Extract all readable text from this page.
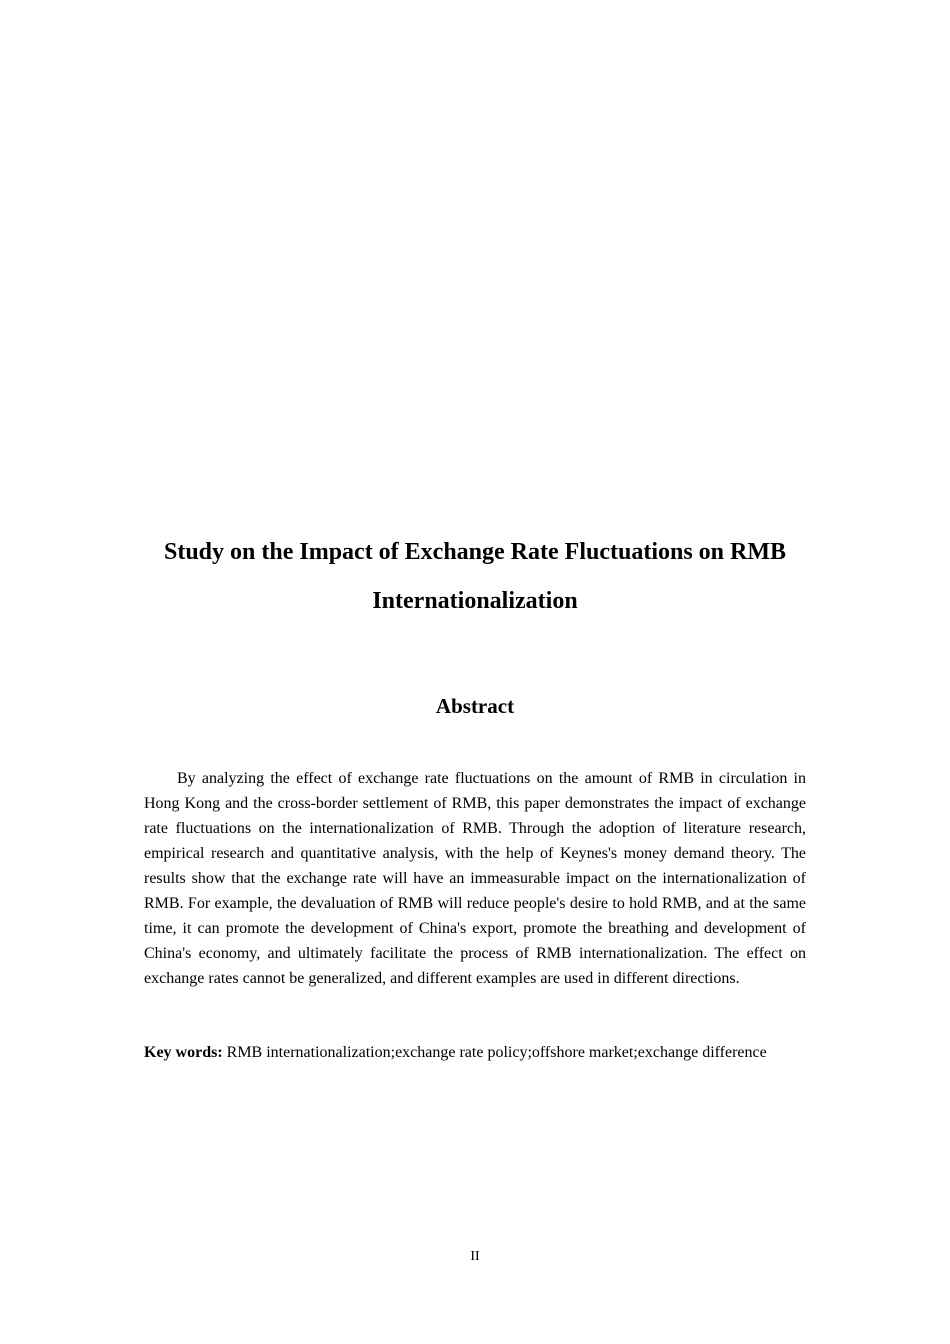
Study on the Impact of Exchange Rate Fluctuations on RMB Internationalization
Abstract

By analyzing the effect of exchange rate fluctuations on the amount of RMB in circulation in Hong Kong and the cross-border settlement of RMB, this paper demonstrates the impact of exchange rate fluctuations on the internationalization of RMB. Through the adoption of literature research, empirical research and quantitative analysis, with the help of Keynes's money demand theory. The results show that the exchange rate will have an immeasurable impact on the internationalization of RMB. For example, the devaluation of RMB will reduce people's desire to hold RMB, and at the same time, it can promote the development of China's export, promote the breathing and development of China's economy, and ultimately facilitate the process of RMB internationalization. The effect on exchange rates cannot be generalized, and different examples are used in different directions.

Key words: RMB internationalization;exchange rate policy;offshore market;exchange difference

II
